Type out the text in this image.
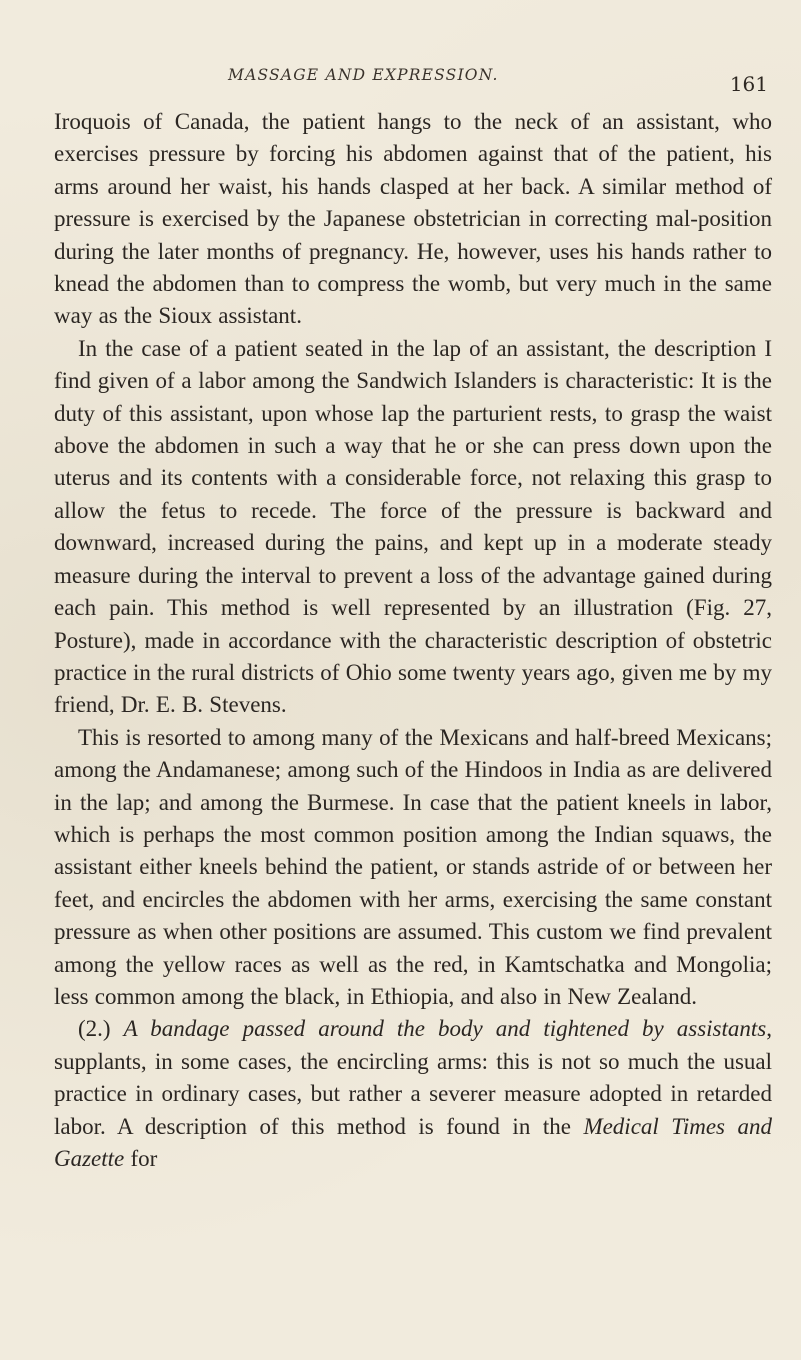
MASSAGE AND EXPRESSION.	161

Iroquois of Canada, the patient hangs to the neck of an assistant, who exercises pressure by forcing his abdomen against that of the patient, his arms around her waist, his hands clasped at her back. A similar method of pressure is exercised by the Japanese obstetrician in correcting mal-position during the later months of pregnancy. He, however, uses his hands rather to knead the abdomen than to compress the womb, but very much in the same way as the Sioux assistant.

In the case of a patient seated in the lap of an assistant, the description I find given of a labor among the Sandwich Islanders is characteristic: It is the duty of this assistant, upon whose lap the parturient rests, to grasp the waist above the abdomen in such a way that he or she can press down upon the uterus and its contents with a considerable force, not relaxing this grasp to allow the fetus to recede. The force of the pressure is backward and downward, increased during the pains, and kept up in a moderate steady measure during the interval to prevent a loss of the advantage gained during each pain. This method is well represented by an illustration (Fig. 27, Posture), made in accordance with the characteristic description of obstetric practice in the rural districts of Ohio some twenty years ago, given me by my friend, Dr. E. B. Stevens.

This is resorted to among many of the Mexicans and half-breed Mexicans; among the Andamanese; among such of the Hindoos in India as are delivered in the lap; and among the Burmese. In case that the patient kneels in labor, which is perhaps the most common position among the Indian squaws, the assistant either kneels behind the patient, or stands astride of or between her feet, and encircles the abdomen with her arms, exercising the same constant pressure as when other positions are assumed. This custom we find prevalent among the yellow races as well as the red, in Kamtschatka and Mongolia; less common among the black, in Ethiopia, and also in New Zealand.

(2.) A bandage passed around the body and tightened by assistants, supplants, in some cases, the encircling arms: this is not so much the usual practice in ordinary cases, but rather a severer measure adopted in retarded labor. A description of this method is found in the Medical Times and Gazette for
